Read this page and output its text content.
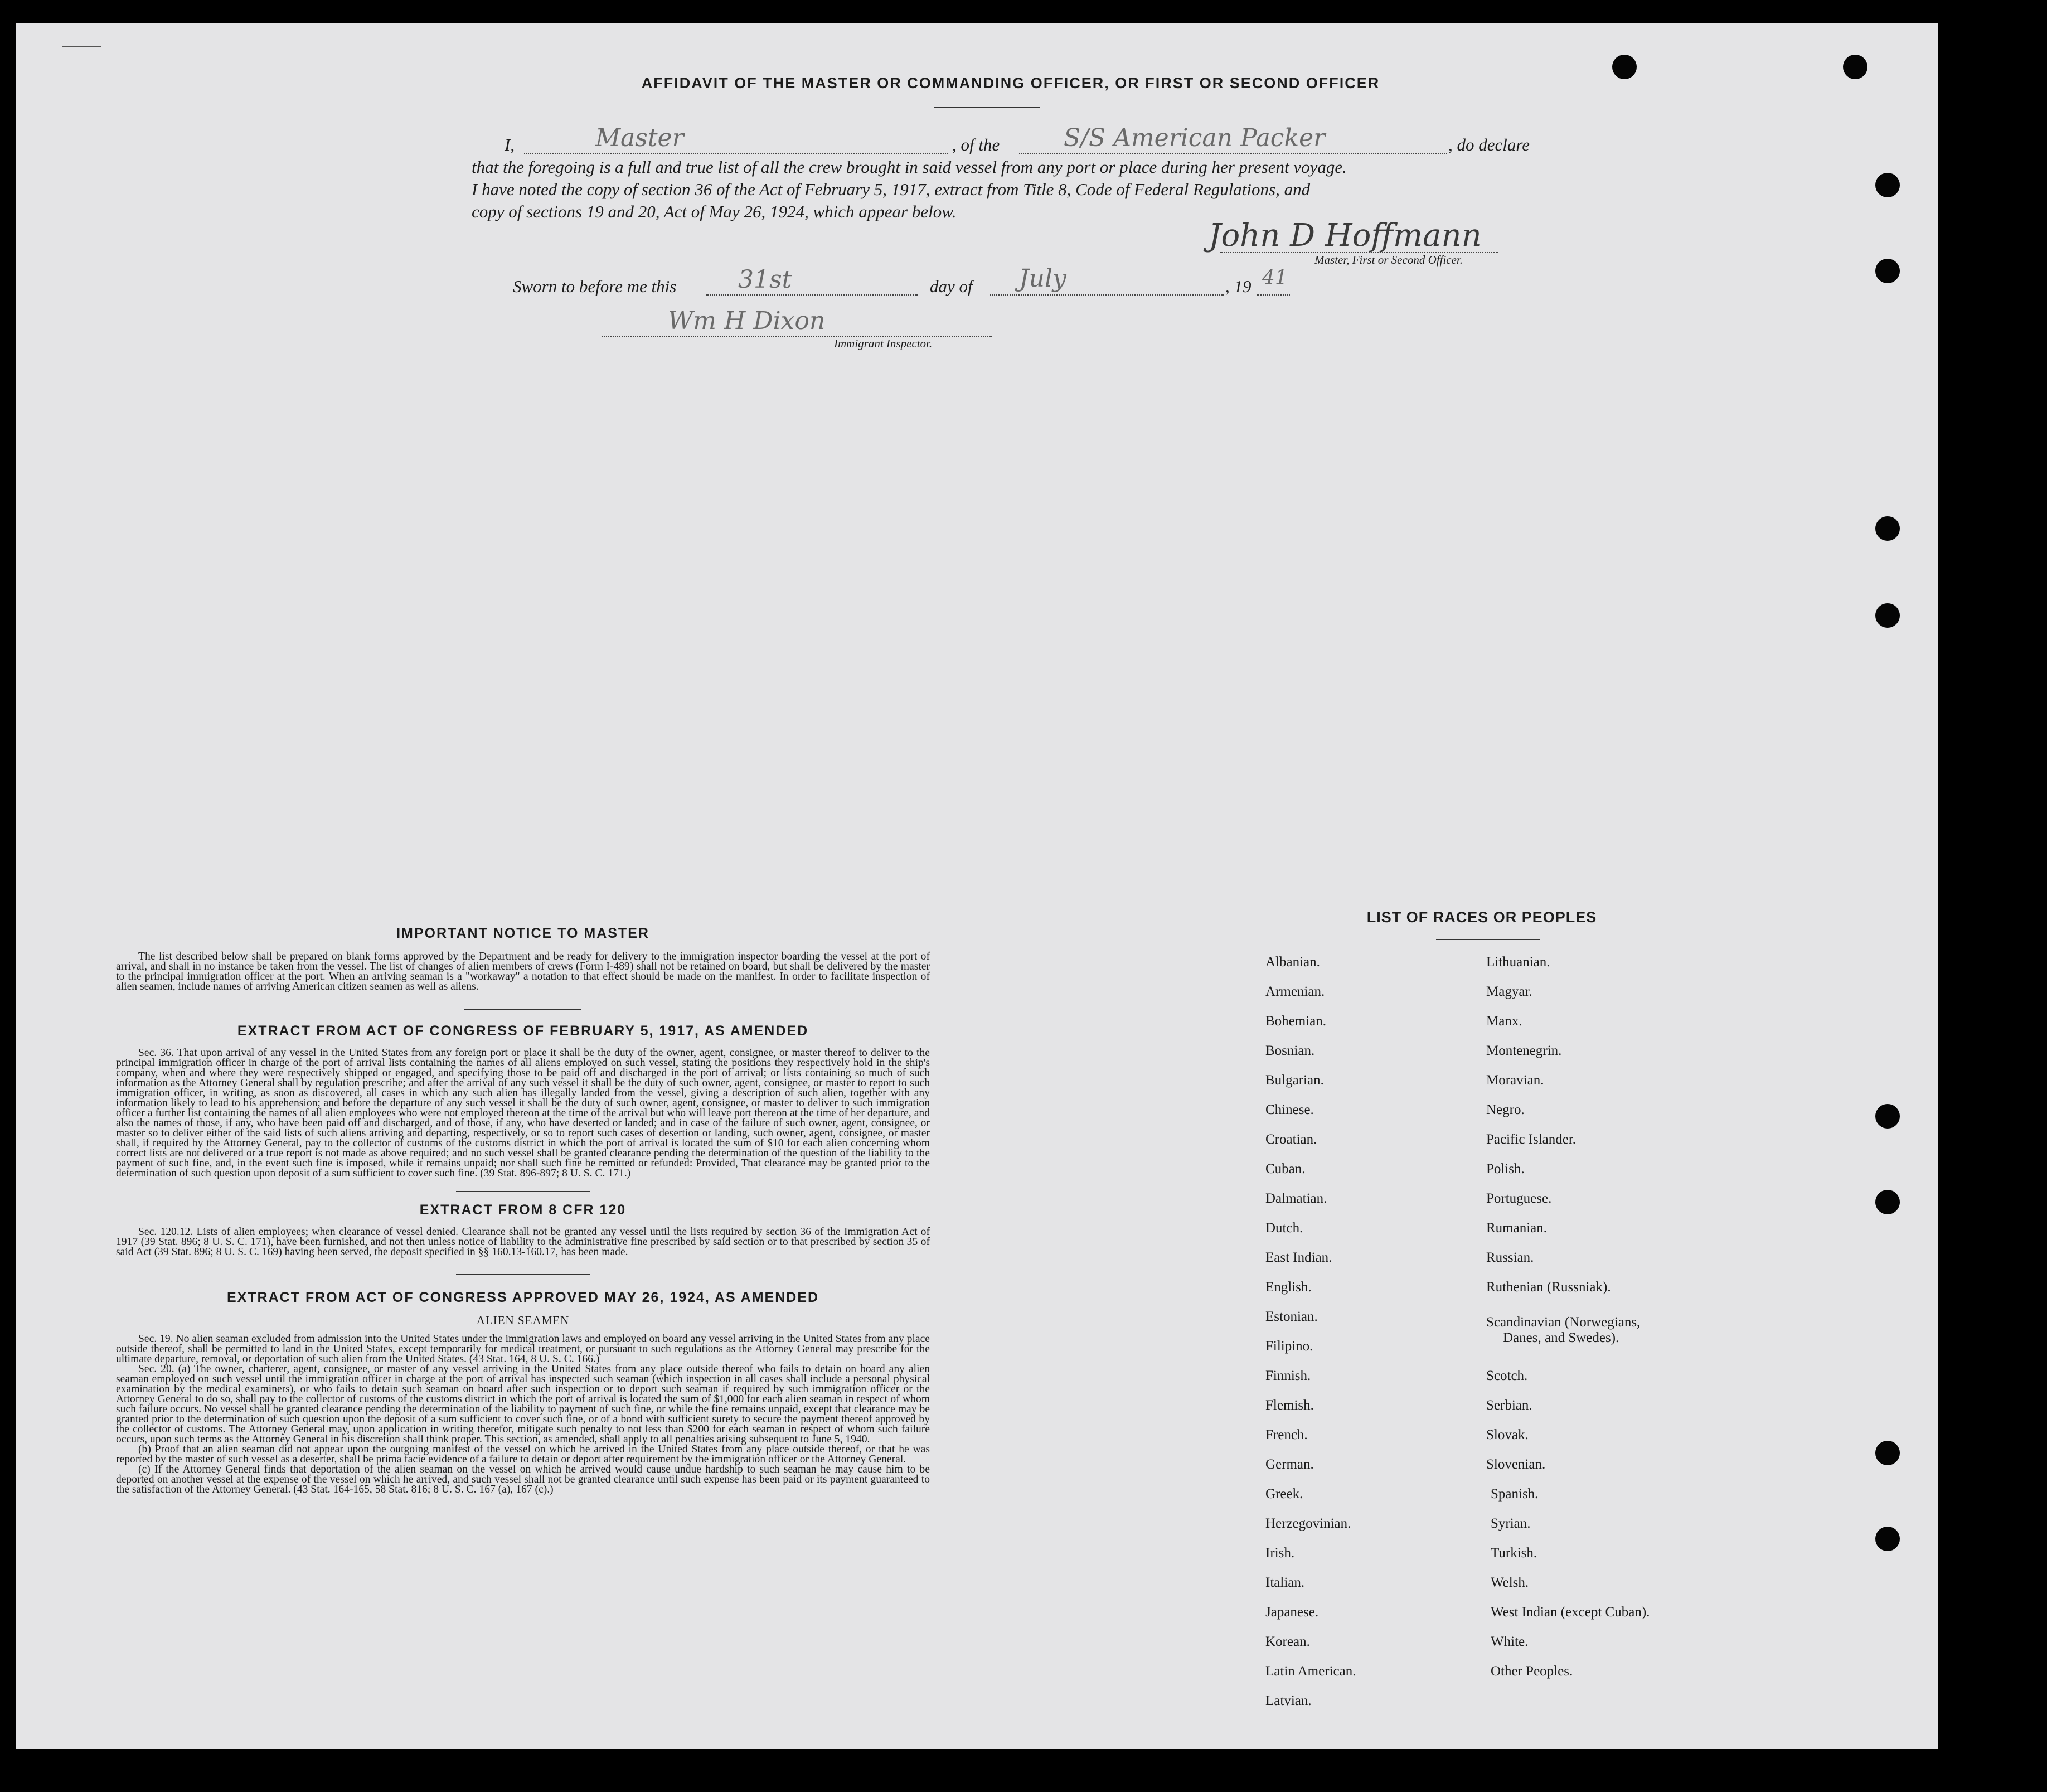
AFFIDAVIT OF THE MASTER OR COMMANDING OFFICER, OR FIRST OR SECOND OFFICER
I,	Master	, of the	S/S American Packer	, do declare
that the foregoing is a full and true list of all the crew brought in said vessel from any port or place during her present voyage.
I have noted the copy of section 36 of the Act of February 5, 1917, extract from Title 8, Code of Federal Regulations, and
copy of sections 19 and 20, Act of May 26, 1924, which appear below.
John D Hoffmann
Master, First or Second Officer.
Sworn to before me this	31st	day of July	, 19 41
Wm H Dixon
Immigrant Inspector.
IMPORTANT NOTICE TO MASTER

The list described below shall be prepared on blank forms approved by the Department and be ready for delivery to the immigration inspector boarding the vessel at the port of arrival, and shall in no instance be taken from the vessel. The list of changes of alien members of crews (Form I-489) shall not be retained on board, but shall be delivered by the master to the principal immigration officer at the port. When an arriving seaman is a "workaway" a notation to that effect should be made on the manifest. In order to facilitate inspection of alien seamen, include names of arriving American citizen seamen as well as aliens.

EXTRACT FROM ACT OF CONGRESS OF FEBRUARY 5, 1917, AS AMENDED

Sec. 36. That upon arrival of any vessel in the United States from any foreign port or place it shall be the duty of the owner, agent, consignee, or master thereof to deliver to the principal immigration officer in charge of the port of arrival lists containing the names of all aliens employed on such vessel, stating the positions they respectively hold in the ship's company, when and where they were respectively shipped or engaged, and specifying those to be paid off and discharged in the port of arrival; or lists containing so much of such information as the Attorney General shall by regulation prescribe; and after the arrival of any such vessel it shall be the duty of such owner, agent, consignee, or master to report to such immigration officer, in writing, as soon as discovered, all cases in which any such alien has illegally landed from the vessel, giving a description of such alien, together with any information likely to lead to his apprehension; and before the departure of any such vessel it shall be the duty of such owner, agent, consignee, or master to deliver to such immigration officer a further list containing the names of all alien employees who were not employed thereon at the time of the arrival but who will leave port thereon at the time of her departure, and also the names of those, if any, who have been paid off and discharged, and of those, if any, who have deserted or landed; and in case of the failure of such owner, agent, consignee, or master so to deliver either of the said lists of such aliens arriving and departing, respectively, or so to report such cases of desertion or landing, such owner, agent, consignee, or master shall, if required by the Attorney General, pay to the collector of customs of the customs district in which the port of arrival is located the sum of $10 for each alien concerning whom correct lists are not delivered or a true report is not made as above required; and no such vessel shall be granted clearance pending the determination of the question of the liability to the payment of such fine, and, in the event such fine is imposed, while it remains unpaid; nor shall such fine be remitted or refunded: Provided, That clearance may be granted prior to the determination of such question upon deposit of a sum sufficient to cover such fine. (39 Stat. 896-897; 8 U. S. C. 171.)

EXTRACT FROM 8 CFR 120

Sec. 120.12. Lists of alien employees; when clearance of vessel denied. Clearance shall not be granted any vessel until the lists required by section 36 of the Immigration Act of 1917 (39 Stat. 896; 8 U. S. C. 171), have been furnished, and not then unless notice of liability to the administrative fine prescribed by said section or to that prescribed by section 35 of said Act (39 Stat. 896; 8 U. S. C. 169) having been served, the deposit specified in §§ 160.13-160.17, has been made.

EXTRACT FROM ACT OF CONGRESS APPROVED MAY 26, 1924, AS AMENDED
ALIEN SEAMEN

Sec. 19. No alien seaman excluded from admission into the United States under the immigration laws and employed on board any vessel arriving in the United States from any place outside thereof, shall be permitted to land in the United States, except temporarily for medical treatment, or pursuant to such regulations as the Attorney General may prescribe for the ultimate departure, removal, or deportation of such alien from the United States. (43 Stat. 164, 8 U. S. C. 166.)

Sec. 20. (a) The owner, charterer, agent, consignee, or master of any vessel arriving in the United States from any place outside thereof who fails to detain on board any alien seaman employed on such vessel until the immigration officer in charge at the port of arrival has inspected such seaman (which inspection in all cases shall include a personal physical examination by the medical examiners), or who fails to detain such seaman on board after such inspection or to deport such seaman if required by such immigration officer or the Attorney General to do so, shall pay to the collector of customs of the customs district in which the port of arrival is located the sum of $1,000 for each alien seaman in respect of whom such failure occurs. No vessel shall be granted clearance pending the determination of the liability to payment of such fine, or while the fine remains unpaid, except that clearance may be granted prior to the determination of such question upon the deposit of a sum sufficient to cover such fine, or of a bond with sufficient surety to secure the payment thereof approved by the collector of customs. The Attorney General may, upon application in writing therefor, mitigate such penalty to not less than $200 for each seaman in respect of whom such failure occurs, upon such terms as the Attorney General in his discretion shall think proper. This section, as amended, shall apply to all penalties arising subsequent to June 5, 1940.

(b) Proof that an alien seaman did not appear upon the outgoing manifest of the vessel on which he arrived in the United States from any place outside thereof, or that he was reported by the master of such vessel as a deserter, shall be prima facie evidence of a failure to detain or deport after requirement by the immigration officer or the Attorney General.

(c) If the Attorney General finds that deportation of the alien seaman on the vessel on which he arrived would cause undue hardship to such seaman he may cause him to be deported on another vessel at the expense of the vessel on which he arrived, and such vessel shall not be granted clearance until such expense has been paid or its payment guaranteed to the satisfaction of the Attorney General. (43 Stat. 164-165, 58 Stat. 816; 8 U. S. C. 167 (a), 167 (c).)

LIST OF RACES OR PEOPLES
Albanian.
Armenian.
Bohemian.
Bosnian.
Bulgarian.
Chinese.
Croatian.
Cuban.
Dalmatian.
Dutch.
East Indian.
English.
Estonian.
Filipino.
Finnish.
Flemish.
French.
German.
Greek.
Herzegovinian.
Irish.
Italian.
Japanese.
Korean.
Latin American.
Latvian.
Lithuanian.
Magyar.
Manx.
Montenegrin.
Moravian.
Negro.
Pacific Islander.
Polish.
Portuguese.
Rumanian.
Russian.
Ruthenian (Russniak).
Scandinavian (Norwegians,
Danes, and Swedes).
Scotch.
Serbian.
Slovak.
Slovenian.
Spanish.
Syrian.
Turkish.
Welsh.
West Indian (except Cuban).
White.
Other Peoples.
